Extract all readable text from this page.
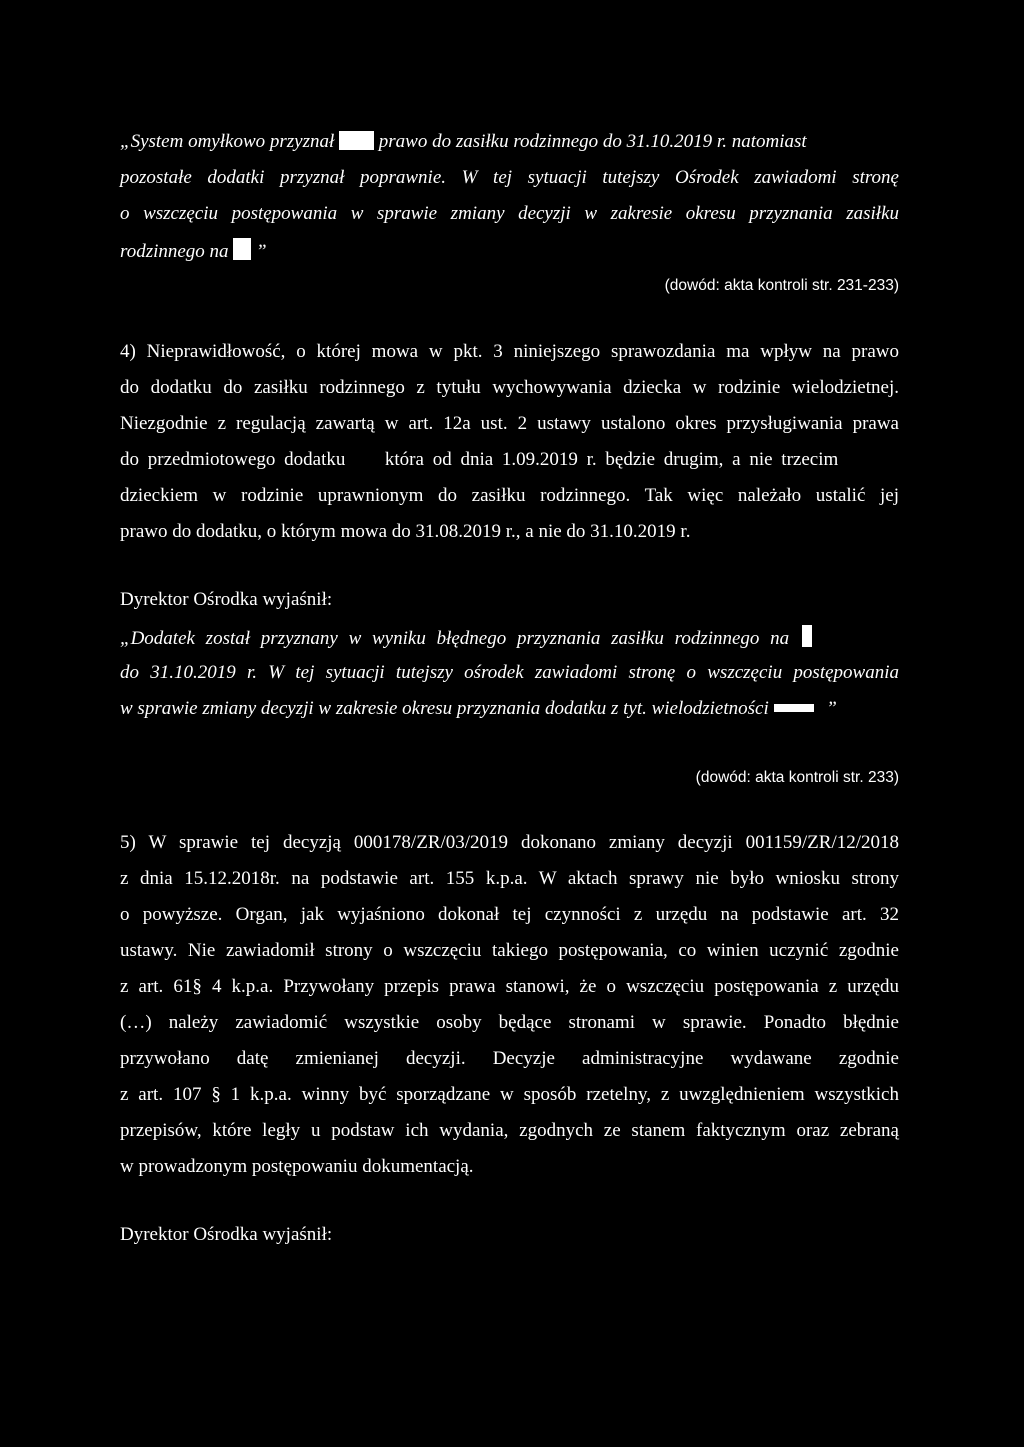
„System omyłkowo przyznał prawo do zasiłku rodzinnego do 31.10.2019 r. natomiast
pozostałe dodatki przyznał poprawnie. W tej sytuacji tutejszy Ośrodek zawiadomi stronę
o wszczęciu postępowania w sprawie zmiany decyzji w zakresie okresu przyznania zasiłku
rodzinnego na ”
(dowód: akta kontroli str. 231-233)
4) Nieprawidłowość, o której mowa w pkt. 3 niniejszego sprawozdania ma wpływ na prawo
do dodatku do zasiłku rodzinnego z tytułu wychowywania dziecka w rodzinie wielodzietnej.
Niezgodnie z regulacją zawartą w art. 12a ust. 2 ustawy ustalono okres przysługiwania prawa
do przedmiotowego dodatku która od dnia 1.09.2019 r. będzie drugim, a nie trzecim
dzieckiem w rodzinie uprawnionym do zasiłku rodzinnego. Tak więc należało ustalić jej
prawo do dodatku, o którym mowa do 31.08.2019 r., a nie do 31.10.2019 r.
Dyrektor Ośrodka wyjaśnił:
„Dodatek został przyznany w wyniku błędnego przyznania zasiłku rodzinnego na
do 31.10.2019 r. W tej sytuacji tutejszy ośrodek zawiadomi stronę o wszczęciu postępowania
w sprawie zmiany decyzji w zakresie okresu przyznania dodatku z tyt. wielodzietności	”
(dowód: akta kontroli str. 233)
5) W sprawie tej decyzją 000178/ZR/03/2019 dokonano zmiany decyzji 001159/ZR/12/2018
z dnia 15.12.2018r. na podstawie art. 155 k.p.a. W aktach sprawy nie było wniosku strony
o powyższe. Organ, jak wyjaśniono dokonał tej czynności z urzędu na podstawie art. 32
ustawy. Nie zawiadomił strony o wszczęciu takiego postępowania, co winien uczynić zgodnie
z art. 61§ 4 k.p.a. Przywołany przepis prawa stanowi, że o wszczęciu postępowania z urzędu
(…) należy zawiadomić wszystkie osoby będące stronami w sprawie. Ponadto błędnie
przywołano datę zmienianej decyzji. Decyzje administracyjne wydawane zgodnie
z art. 107 § 1 k.p.a. winny być sporządzane w sposób rzetelny, z uwzględnieniem wszystkich
przepisów, które legły u podstaw ich wydania, zgodnych ze stanem faktycznym oraz zebraną
w prowadzonym postępowaniu dokumentacją.
Dyrektor Ośrodka wyjaśnił:
